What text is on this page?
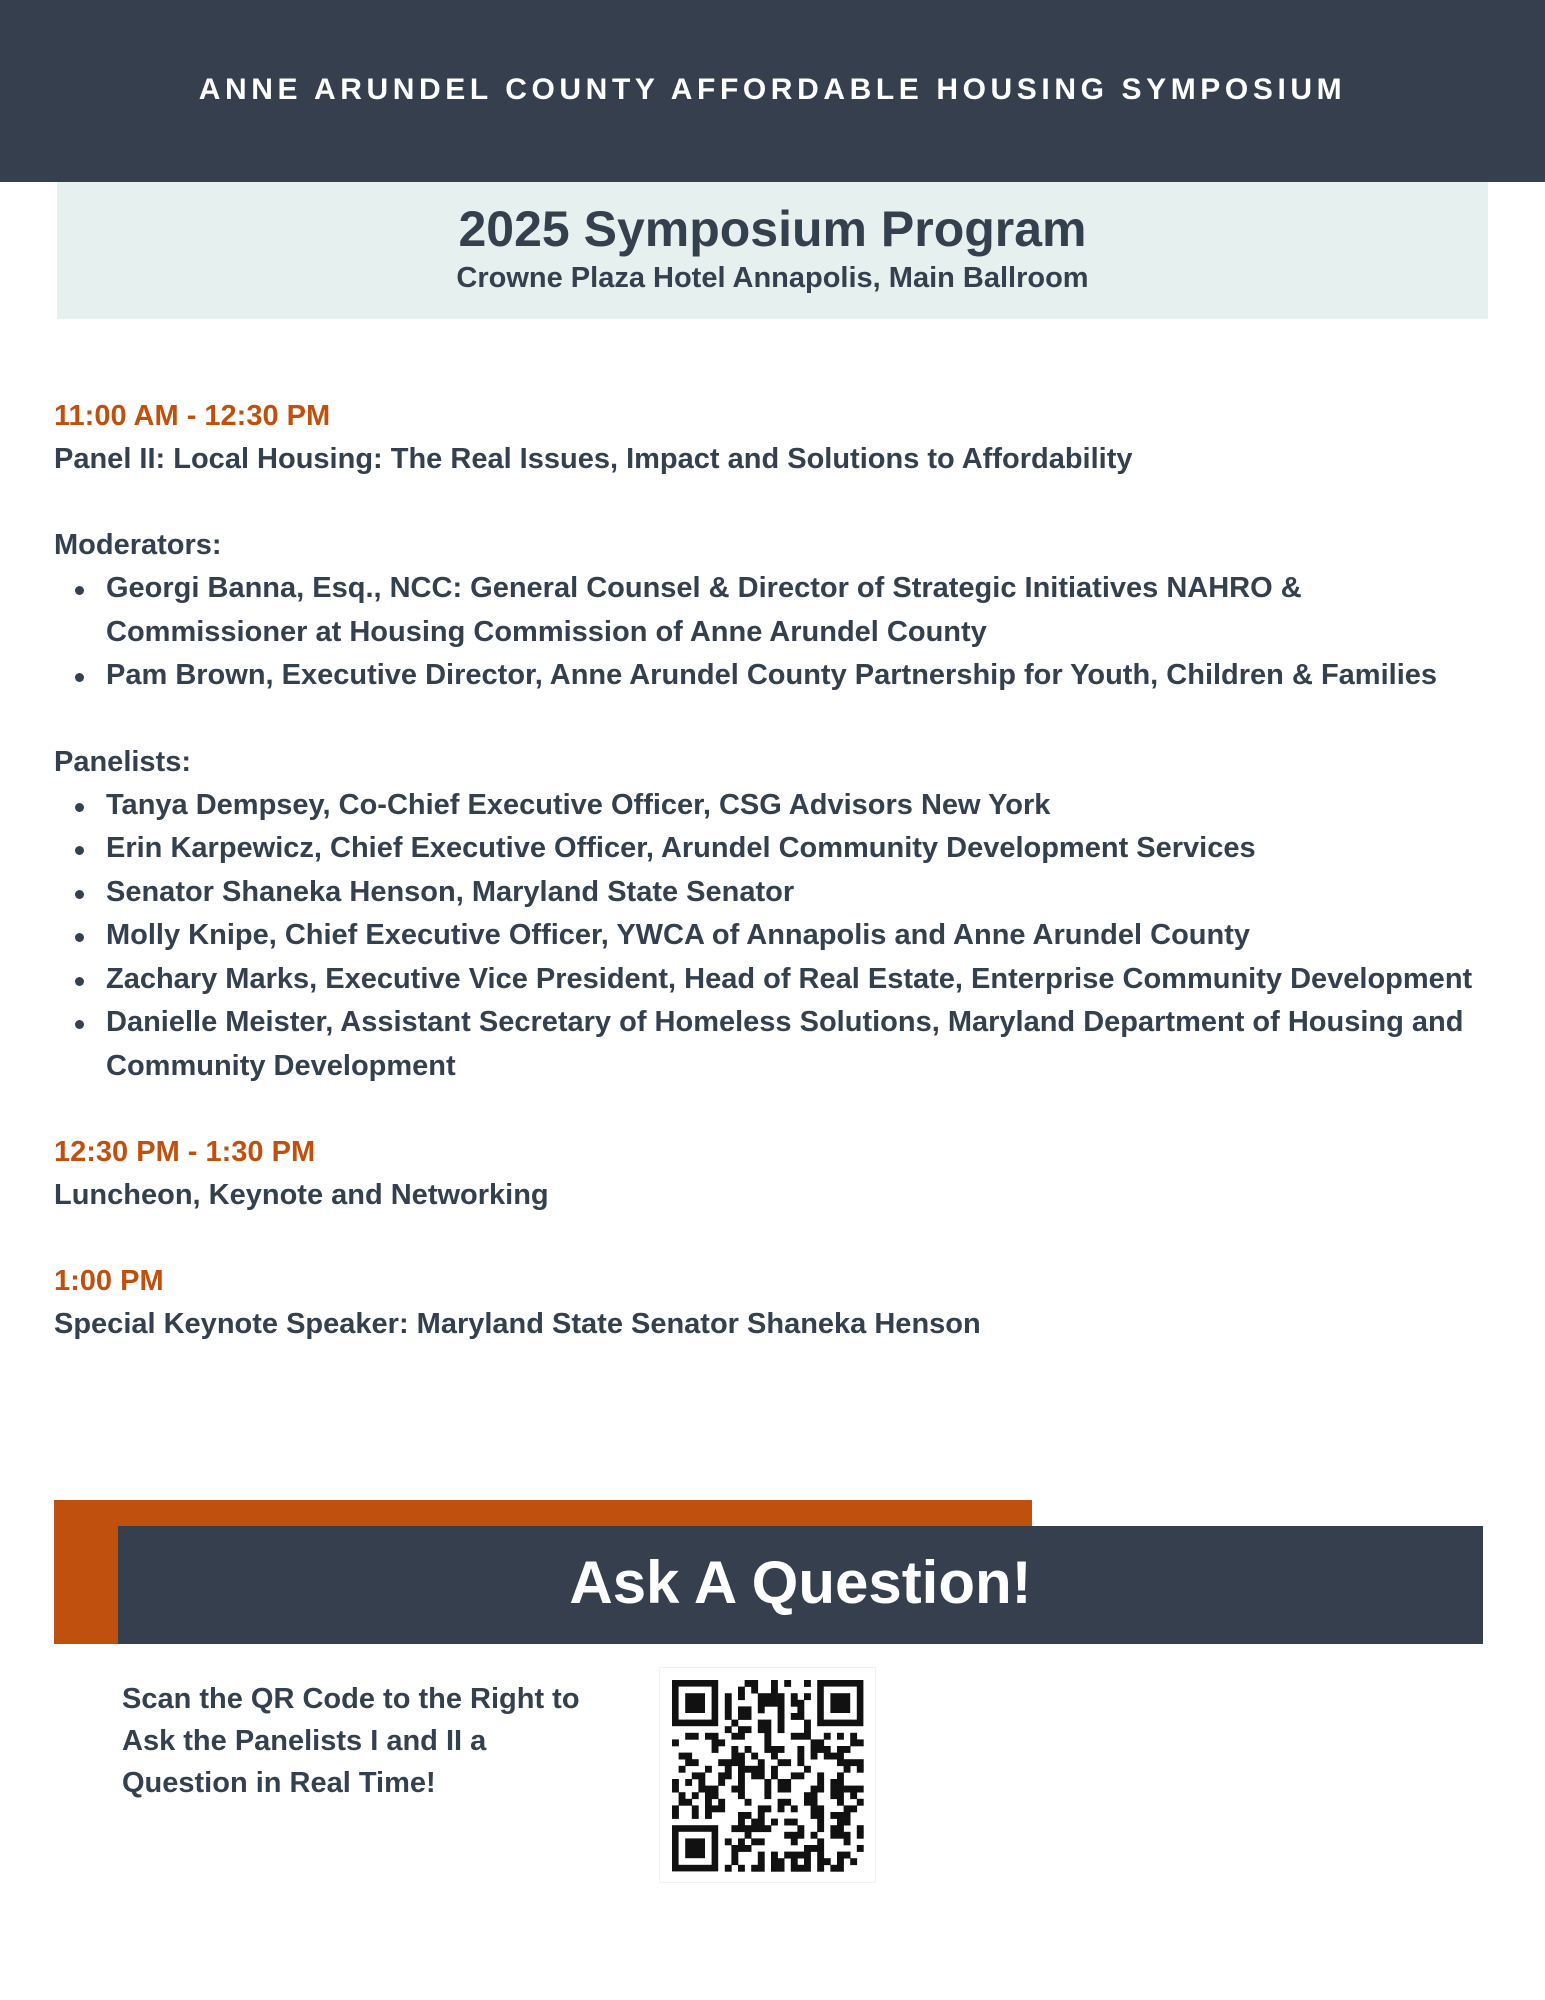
ANNE ARUNDEL COUNTY AFFORDABLE HOUSING SYMPOSIUM
2025 Symposium Program
Crowne Plaza Hotel Annapolis, Main Ballroom

11:00 AM - 12:30 PM

Panel II: Local Housing: The Real Issues, Impact and Solutions to Affordability

Moderators:

Georgi Banna, Esq., NCC: General Counsel & Director of Strategic Initiatives NAHRO & Commissioner at Housing Commission of Anne Arundel County
Pam Brown, Executive Director, Anne Arundel County Partnership for Youth, Children & Families

Panelists:

Tanya Dempsey, Co-Chief Executive Officer, CSG Advisors New York
Erin Karpewicz, Chief Executive Officer, Arundel Community Development Services
Senator Shaneka Henson, Maryland State Senator
Molly Knipe, Chief Executive Officer, YWCA of Annapolis and Anne Arundel County
Zachary Marks, Executive Vice President, Head of Real Estate, Enterprise Community Development
Danielle Meister, Assistant Secretary of Homeless Solutions, Maryland Department of Housing and Community Development

12:30 PM - 1:30 PM

Luncheon, Keynote and Networking

1:00 PM

Special Keynote Speaker: Maryland State Senator Shaneka Henson

Ask A Question!
Scan the QR Code to the Right to Ask the Panelists I and II a Question in Real Time!
